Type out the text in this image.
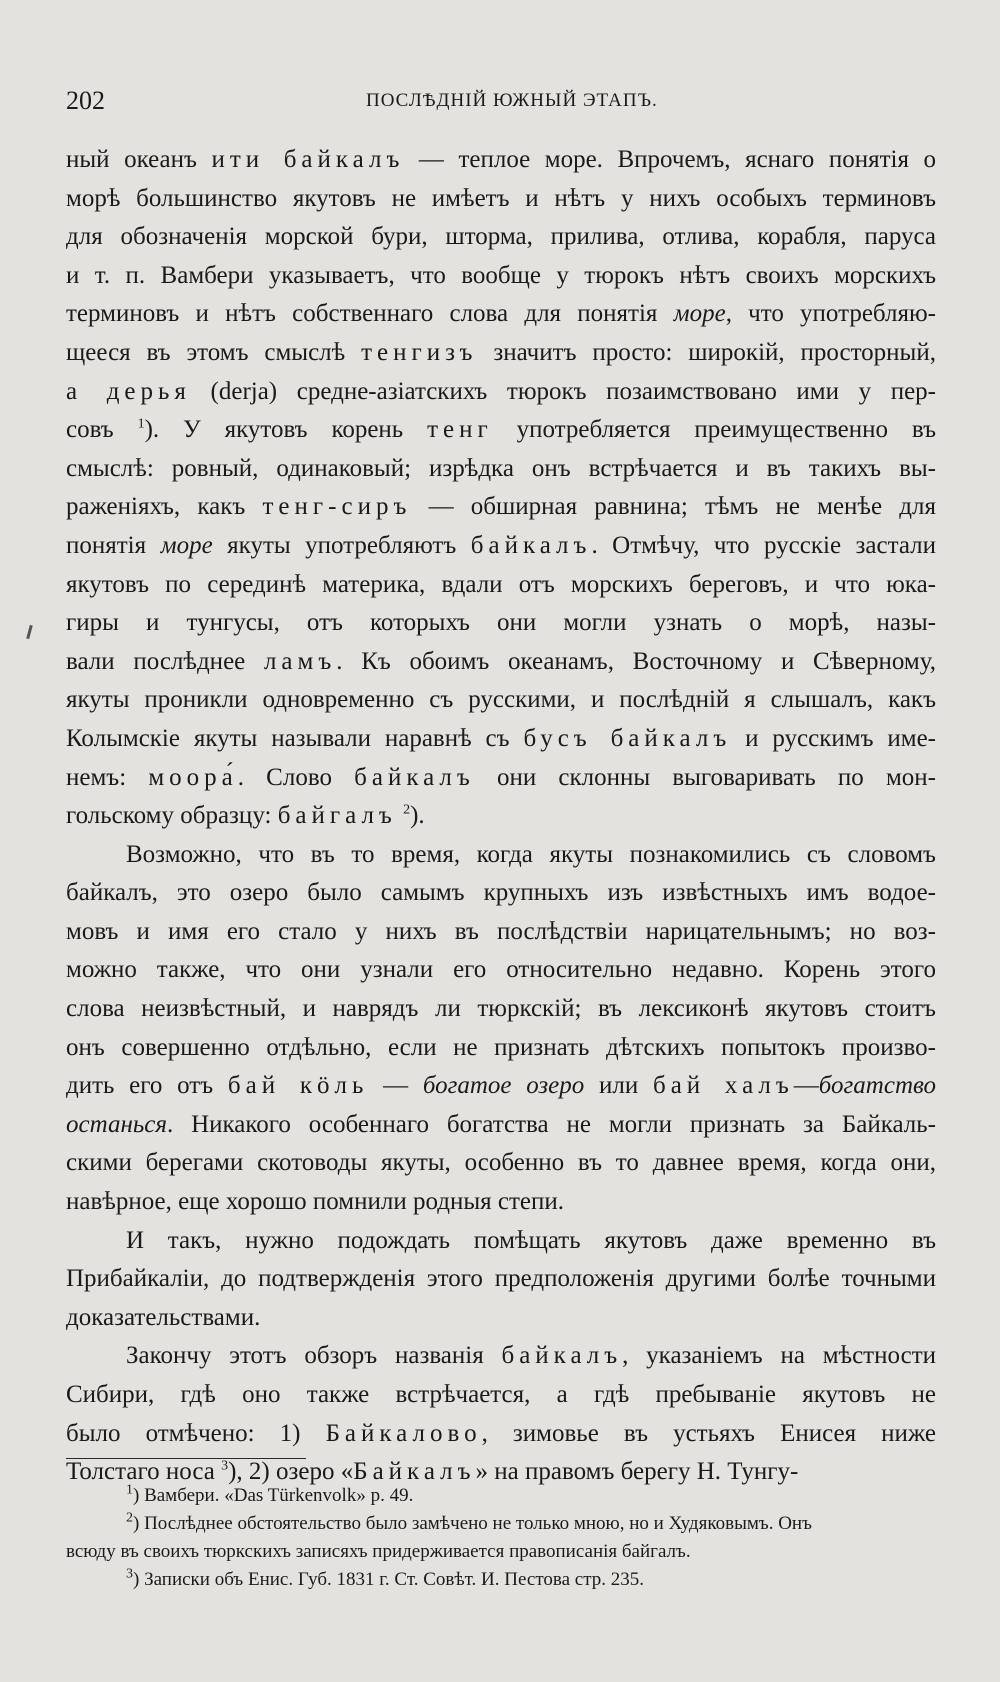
202	ПОСЛѢДНІЙ ЮЖНЫЙ ЭТАПЪ.
ный океанъ ити байкалъ — теплое море. Впрочемъ, яснаго понятія о
морѣ большинство якутовъ не имѣетъ и нѣтъ у нихъ особыхъ терминовъ
для обозначенія морской бури, шторма, прилива, отлива, корабля, паруса
и т. п. Вамбери указываетъ, что вообще у тюрокъ нѣтъ своихъ морскихъ
терминовъ и нѣтъ собственнаго слова для понятія море, что употребляю-
щееся въ этомъ смыслѣ тенгизъ значитъ просто: широкій, просторный,
а дерья (derja) средне-азіатскихъ тюрокъ позаимствовано ими у пер-
совъ $^1$). У якутовъ корень тенг употребляется преимущественно въ
смыслѣ: ровный, одинаковый; изрѣдка онъ встрѣчается и въ такихъ вы-
раженіяхъ, какъ тенг-сиръ — обширная равнина; тѣмъ не менѣе для
понятія море якуты употребляютъ байкалъ. Отмѣчу, что русскіе застали
якутовъ по серединѣ материка, вдали отъ морскихъ береговъ, и что юка-
гиры и тунгусы, отъ которыхъ они могли узнать о морѣ, назы-
вали послѣднее ламъ. Къ обоимъ океанамъ, Восточному и Сѣверному,
якуты проникли одновременно съ русскими, и послѣдній я слышалъ, какъ
Колымскіе якуты называли наравнѣ съ бусъ байкалъ и русскимъ име-
немъ: моора́. Слово байкалъ они склонны выговаривать по мон-
гольскому образцу: байгалъ $^2$).
Возможно, что въ то время, когда якуты познакомились съ словомъ
байкалъ, это озеро было самымъ крупныхъ изъ извѣстныхъ имъ водое-
мовъ и имя его стало у нихъ въ послѣдствіи нарицательнымъ; но воз-
можно также, что они узнали его относительно недавно. Корень этого
слова неизвѣстный, и наврядъ ли тюркскій; въ лексиконѣ якутовъ стоитъ
онъ совершенно отдѣльно, если не признать дѣтскихъ попытокъ произво-
дить его отъ бай кöль — богатое озеро или бай халъ—богатство
останься. Никакого особеннаго богатства не могли признать за Байкаль-
скими берегами скотоводы якуты, особенно въ то давнее время, когда они,
навѣрное, еще хорошо помнили родныя степи.
И такъ, нужно подождать помѣщать якутовъ даже временно въ
Прибайкаліи, до подтвержденія этого предположенія другими болѣе точными
доказательствами.
Закончу этотъ обзоръ названія байкалъ, указаніемъ на мѣстности
Сибири, гдѣ оно также встрѣчается, а гдѣ пребываніе якутовъ не
было отмѣчено: 1) Байкалово, зимовье въ устьяхъ Енисея ниже
Толстаго носа $^3$), 2) озеро «Байкалъ» на правомъ берегу Н. Тунгу-
$^1$) Вамбери. «Das Türkenvolk» p. 49.
$^2$) Послѣднее обстоятельство было замѣчено не только мною, но и Худяковымъ. Онъ
всюду въ своихъ тюркскихъ записяхъ придерживается правописанія байгалъ.
$^3$) Записки объ Енис. Губ. 1831 г. Ст. Совѣт. И. Пестова стр. 235.
